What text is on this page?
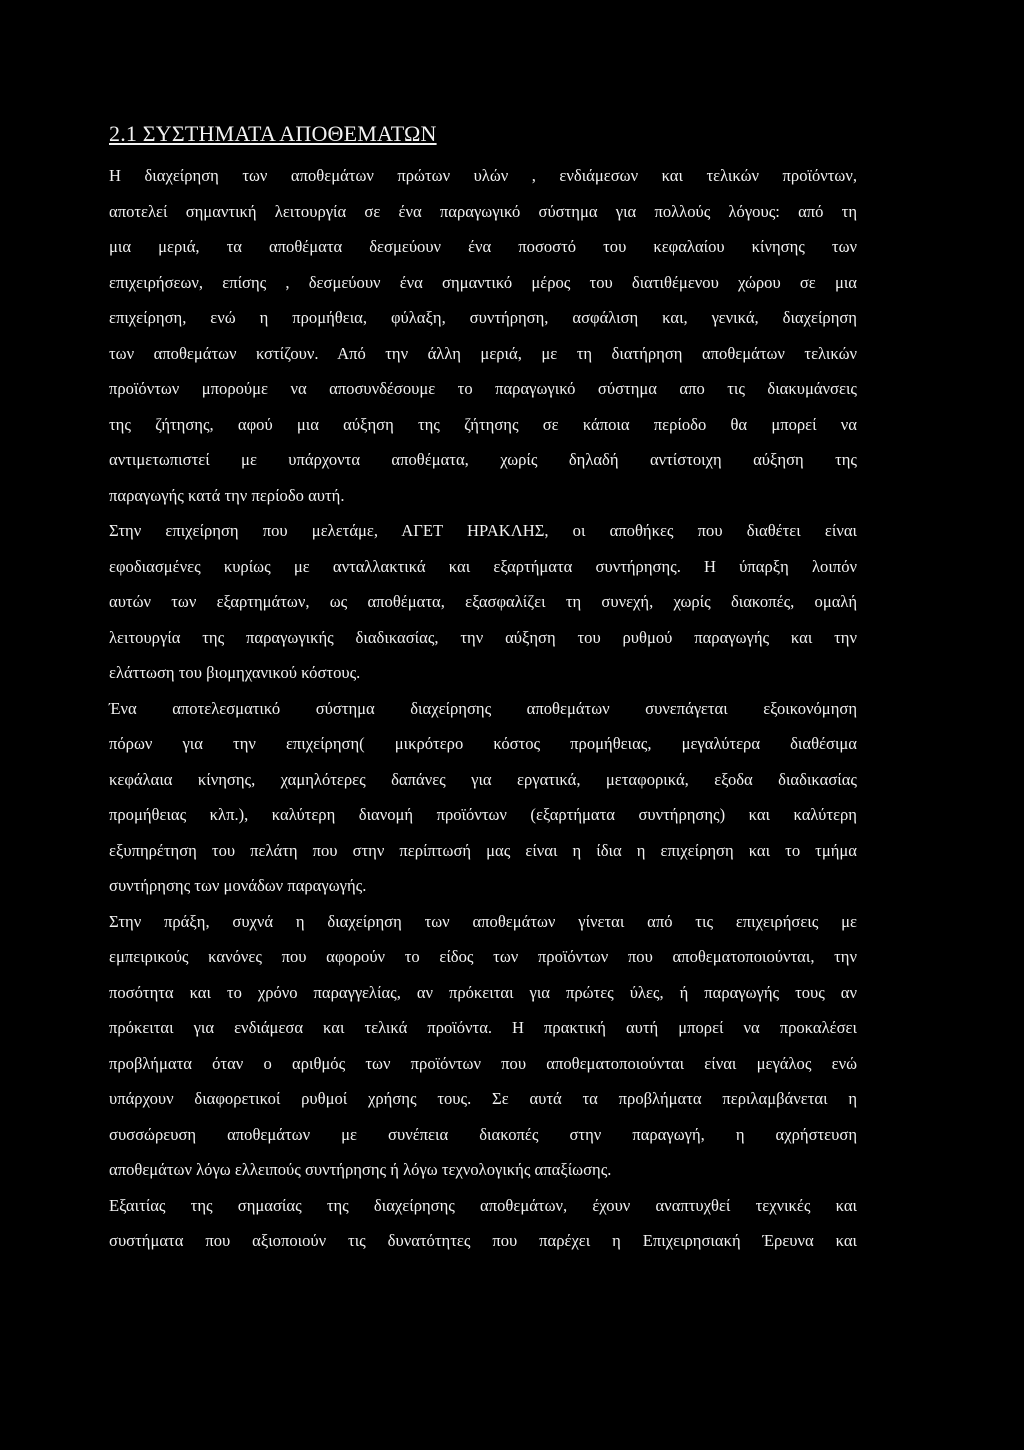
2.1 ΣΥΣΤΗΜΑΤΑ ΑΠΟΘΕΜΑΤΩΝ

Η διαχείρηση των αποθεμάτων πρώτων υλών , ενδιάμεσων και τελικών προϊόντων,

αποτελεί σημαντική λειτουργία σε ένα παραγωγικό σύστημα για πολλούς λόγους: από τη

μια μεριά, τα αποθέματα δεσμεύουν ένα ποσοστό του κεφαλαίου κίνησης των

επιχειρήσεων, επίσης , δεσμεύουν ένα σημαντικό μέρος του διατιθέμενου χώρου σε μια

επιχείρηση, ενώ η προμήθεια, φύλαξη, συντήρηση, ασφάλιση και, γενικά, διαχείρηση

των αποθεμάτων κστίζουν. Από την άλλη μεριά, με τη διατήρηση αποθεμάτων τελικών

προϊόντων μπορούμε να αποσυνδέσουμε το παραγωγικό σύστημα απο τις διακυμάνσεις

της ζήτησης, αφού μια αύξηση της ζήτησης σε κάποια περίοδο θα μπορεί να

αντιμετωπιστεί με υπάρχοντα αποθέματα, χωρίς δηλαδή αντίστοιχη αύξηση της

παραγωγής κατά την περίοδο αυτή.

Στην επιχείρηση που μελετάμε, ΑΓΕΤ ΗΡΑΚΛΗΣ, οι αποθήκες που διαθέτει είναι

εφοδιασμένες κυρίως με ανταλλακτικά και εξαρτήματα συντήρησης. Η ύπαρξη λοιπόν

αυτών των εξαρτημάτων, ως αποθέματα, εξασφαλίζει τη συνεχή, χωρίς διακοπές, ομαλή

λειτουργία της παραγωγικής διαδικασίας, την αύξηση του ρυθμού παραγωγής και την

ελάττωση του βιομηχανικού κόστους.

Ένα αποτελεσματικό σύστημα διαχείρησης αποθεμάτων συνεπάγεται εξοικονόμηση

πόρων για την επιχείρηση( μικρότερο κόστος προμήθειας, μεγαλύτερα διαθέσιμα

κεφάλαια κίνησης, χαμηλότερες δαπάνες για εργατικά, μεταφορικά, εξοδα διαδικασίας

προμήθειας κλπ.), καλύτερη διανομή προϊόντων (εξαρτήματα συντήρησης) και καλύτερη

εξυπηρέτηση του πελάτη που στην περίπτωσή μας είναι η ίδια η επιχείρηση και το τμήμα

συντήρησης των μονάδων παραγωγής.

Στην πράξη, συχνά η διαχείρηση των αποθεμάτων γίνεται από τις επιχειρήσεις με

εμπειρικούς κανόνες που αφορούν το είδος των προϊόντων που αποθεματοποιούνται, την

ποσότητα και το χρόνο παραγγελίας, αν πρόκειται για πρώτες ύλες, ή παραγωγής τους αν

πρόκειται για ενδιάμεσα και τελικά προϊόντα. Η πρακτική αυτή μπορεί να προκαλέσει

προβλήματα όταν ο αριθμός των προϊόντων που αποθεματοποιούνται είναι μεγάλος ενώ

υπάρχουν διαφορετικοί ρυθμοί χρήσης τους. Σε αυτά τα προβλήματα περιλαμβάνεται η

συσσώρευση αποθεμάτων με συνέπεια διακοπές στην παραγωγή, η αχρήστευση

αποθεμάτων λόγω ελλειπούς συντήρησης ή λόγω τεχνολογικής απαξίωσης.

Εξαιτίας της σημασίας της διαχείρησης αποθεμάτων, έχουν αναπτυχθεί τεχνικές και

συστήματα που αξιοποιούν τις δυνατότητες που παρέχει η Επιχειρησιακή Έρευνα και
